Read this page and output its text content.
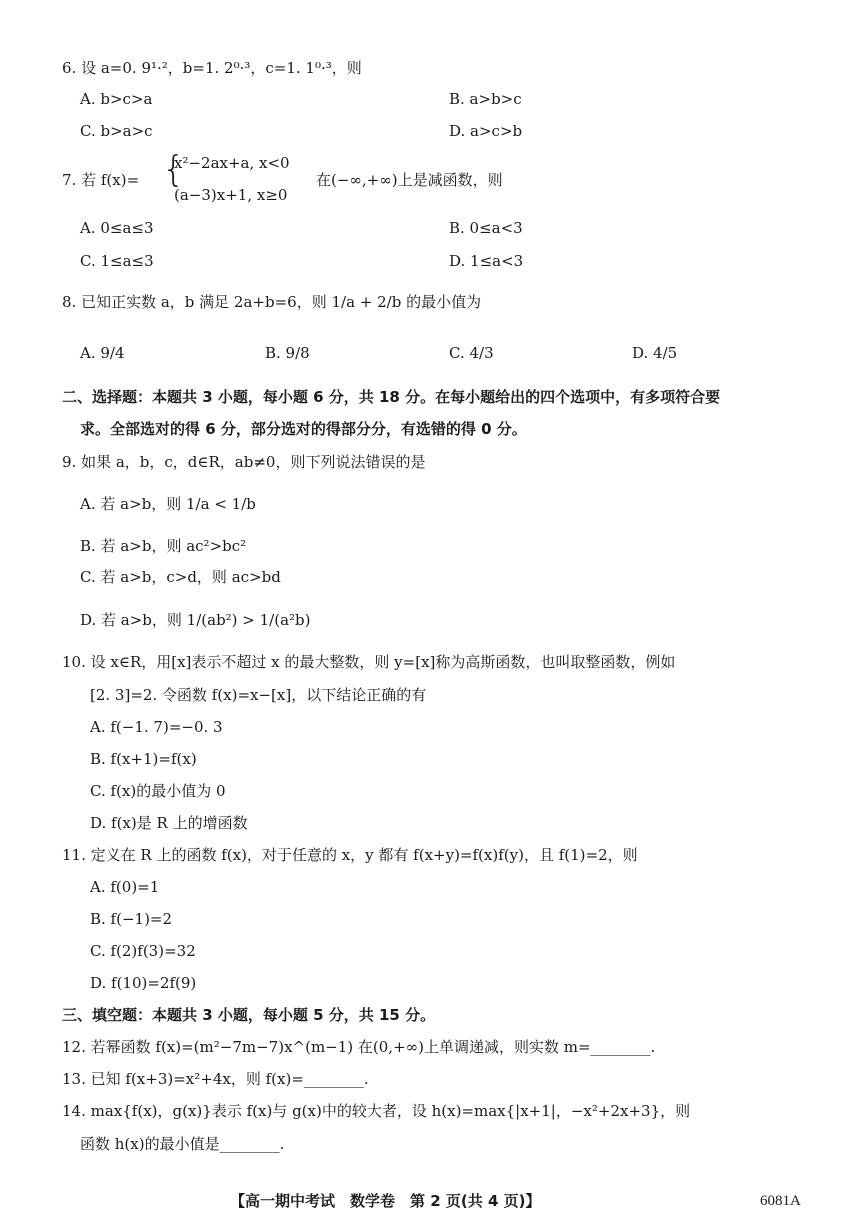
6. 设 a=0. 9¹·²，b=1. 2⁰·³，c=1. 1⁰·³，则
A. b>c>a	B. a>b>c
C. b>a>c	D. a>c>b
7. 若 f(x)= {
x²−2ax+a, x<0
(a−3)x+1, x≥0
在(−∞,+∞)上是减函数，则
A. 0≤a≤3	B. 0≤a<3
C. 1≤a≤3	D. 1≤a<3
8. 已知正实数 a，b 满足 2a+b=6，则 1/a + 2/b 的最小值为
A. 9/4	B. 9/8	C. 4/3	D. 4/5
二、选择题：本题共 3 小题，每小题 6 分，共 18 分。在每小题给出的四个选项中，有多项符合要
求。全部选对的得 6 分，部分选对的得部分分，有选错的得 0 分。
9. 如果 a，b，c，d∈R，ab≠0，则下列说法错误的是
A. 若 a>b，则 1/a < 1/b
B. 若 a>b，则 ac²>bc²
C. 若 a>b，c>d，则 ac>bd
D. 若 a>b，则 1/(ab²) > 1/(a²b)
10. 设 x∈R，用[x]表示不超过 x 的最大整数，则 y=[x]称为高斯函数，也叫取整函数，例如
[2. 3]=2. 令函数 f(x)=x−[x]，以下结论正确的有
A. f(−1. 7)=−0. 3
B. f(x+1)=f(x)
C. f(x)的最小值为 0
D. f(x)是 R 上的增函数
11. 定义在 R 上的函数 f(x)，对于任意的 x，y 都有 f(x+y)=f(x)f(y)，且 f(1)=2，则
A. f(0)=1
B. f(−1)=2
C. f(2)f(3)=32
D. f(10)=2f(9)
三、填空题：本题共 3 小题，每小题 5 分，共 15 分。
12. 若幂函数 f(x)=(m²−7m−7)x^(m−1) 在(0,+∞)上单调递减，则实数 m=________.
13. 已知 f(x+3)=x²+4x，则 f(x)=________.
14. max{f(x)，g(x)}表示 f(x)与 g(x)中的较大者，设 h(x)=max{|x+1|，−x²+2x+3}，则
函数 h(x)的最小值是________.
【高一期中考试　数学卷　第 2 页(共 4 页)】	6081A
